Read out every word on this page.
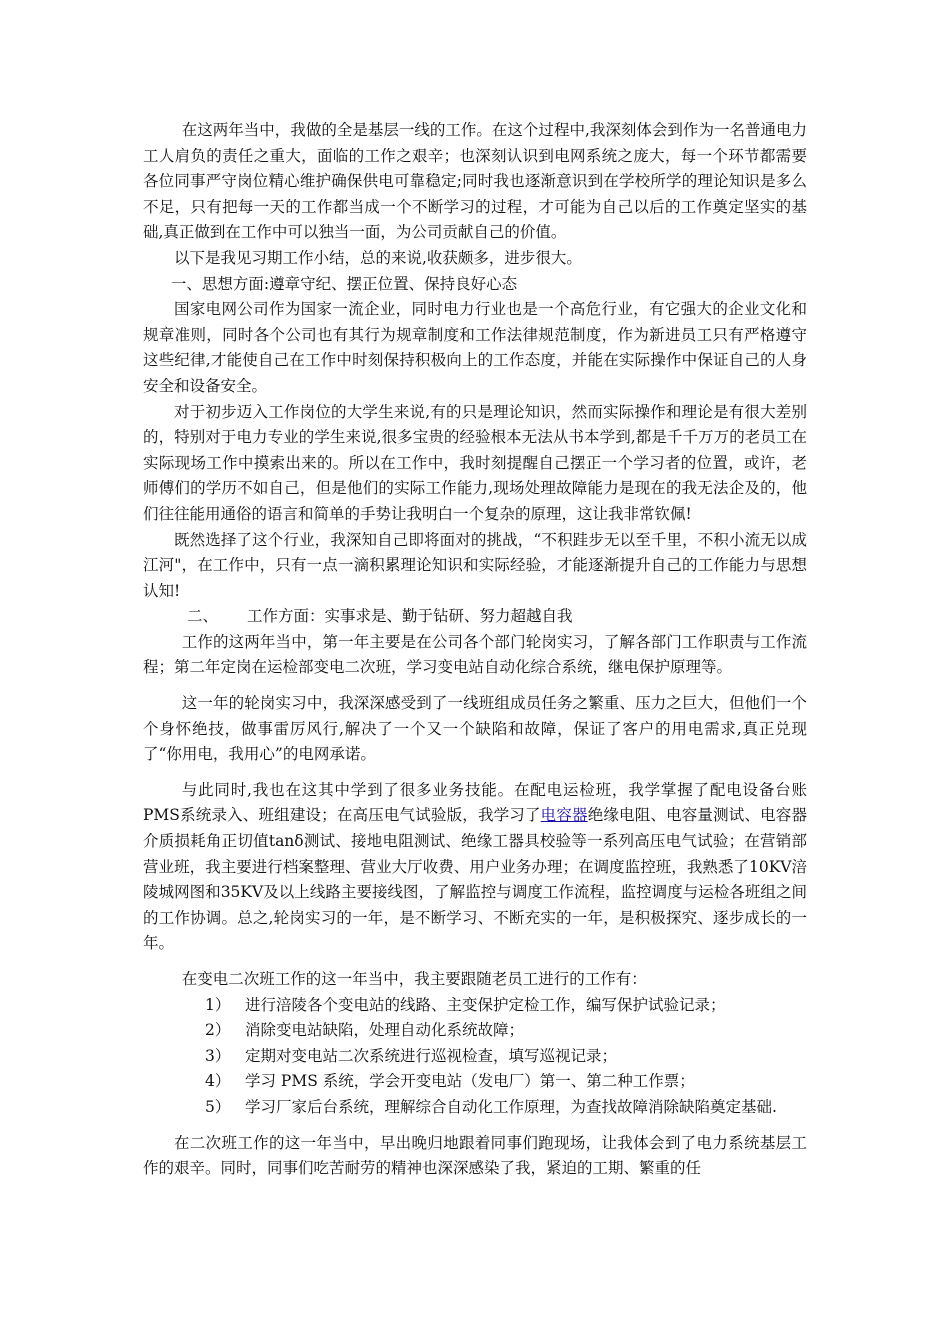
在这两年当中，我做的全是基层一线的工作。在这个过程中,我深刻体会到作为一名普通电力工人肩负的责任之重大，面临的工作之艰辛；也深刻认识到电网系统之庞大，每一个环节都需要各位同事严守岗位精心维护确保供电可靠稳定;同时我也逐渐意识到在学校所学的理论知识是多么不足，只有把每一天的工作都当成一个不断学习的过程，才可能为自己以后的工作奠定坚实的基础,真正做到在工作中可以独当一面，为公司贡献自己的价值。

以下是我见习期工作小结，总的来说,收获颇多，进步很大。

一、思想方面:遵章守纪、摆正位置、保持良好心态

国家电网公司作为国家一流企业，同时电力行业也是一个高危行业，有它强大的企业文化和规章准则，同时各个公司也有其行为规章制度和工作法律规范制度，作为新进员工只有严格遵守这些纪律,才能使自己在工作中时刻保持积极向上的工作态度，并能在实际操作中保证自己的人身安全和设备安全。

对于初步迈入工作岗位的大学生来说,有的只是理论知识，然而实际操作和理论是有很大差别的，特别对于电力专业的学生来说,很多宝贵的经验根本无法从书本学到,都是千千万万的老员工在实际现场工作中摸索出来的。所以在工作中，我时刻提醒自己摆正一个学习者的位置，或许，老师傅们的学历不如自己，但是他们的实际工作能力,现场处理故障能力是现在的我无法企及的，他们往往能用通俗的语言和简单的手势让我明白一个复杂的原理，这让我非常钦佩!

既然选择了这个行业，我深知自己即将面对的挑战，“不积跬步无以至千里，不积小流无以成江河"，在工作中，只有一点一滴积累理论知识和实际经验，才能逐渐提升自己的工作能力与思想认知!

二、 工作方面：实事求是、勤于钻研、努力超越自我

工作的这两年当中，第一年主要是在公司各个部门轮岗实习，了解各部门工作职责与工作流程；第二年定岗在运检部变电二次班，学习变电站自动化综合系统，继电保护原理等。

这一年的轮岗实习中，我深深感受到了一线班组成员任务之繁重、压力之巨大，但他们一个个身怀绝技，做事雷厉风行,解决了一个又一个缺陷和故障，保证了客户的用电需求,真正兑现了“你用电，我用心”的电网承诺。

与此同时,我也在这其中学到了很多业务技能。在配电运检班，我学掌握了配电设备台账PMS系统录入、班组建设；在高压电气试验版，我学习了电容器绝缘电阻、电容量测试、电容器介质损耗角正切值tanδ测试、接地电阻测试、绝缘工器具校验等一系列高压电气试验；在营销部营业班，我主要进行档案整理、营业大厅收费、用户业务办理；在调度监控班，我熟悉了10KV涪陵城网图和35KV及以上线路主要接线图，了解监控与调度工作流程，监控调度与运检各班组之间的工作协调。总之,轮岗实习的一年，是不断学习、不断充实的一年，是积极探究、逐步成长的一年。

在变电二次班工作的这一年当中，我主要跟随老员工进行的工作有：

1） 进行涪陵各个变电站的线路、主变保护定检工作，编写保护试验记录；
2） 消除变电站缺陷，处理自动化系统故障；
3） 定期对变电站二次系统进行巡视检查，填写巡视记录；
4） 学习 PMS 系统，学会开变电站（发电厂）第一、第二种工作票；
5） 学习厂家后台系统，理解综合自动化工作原理，为查找故障消除缺陷奠定基础.

在二次班工作的这一年当中，早出晚归地跟着同事们跑现场，让我体会到了电力系统基层工作的艰辛。同时，同事们吃苦耐劳的精神也深深感染了我，紧迫的工期、繁重的任
